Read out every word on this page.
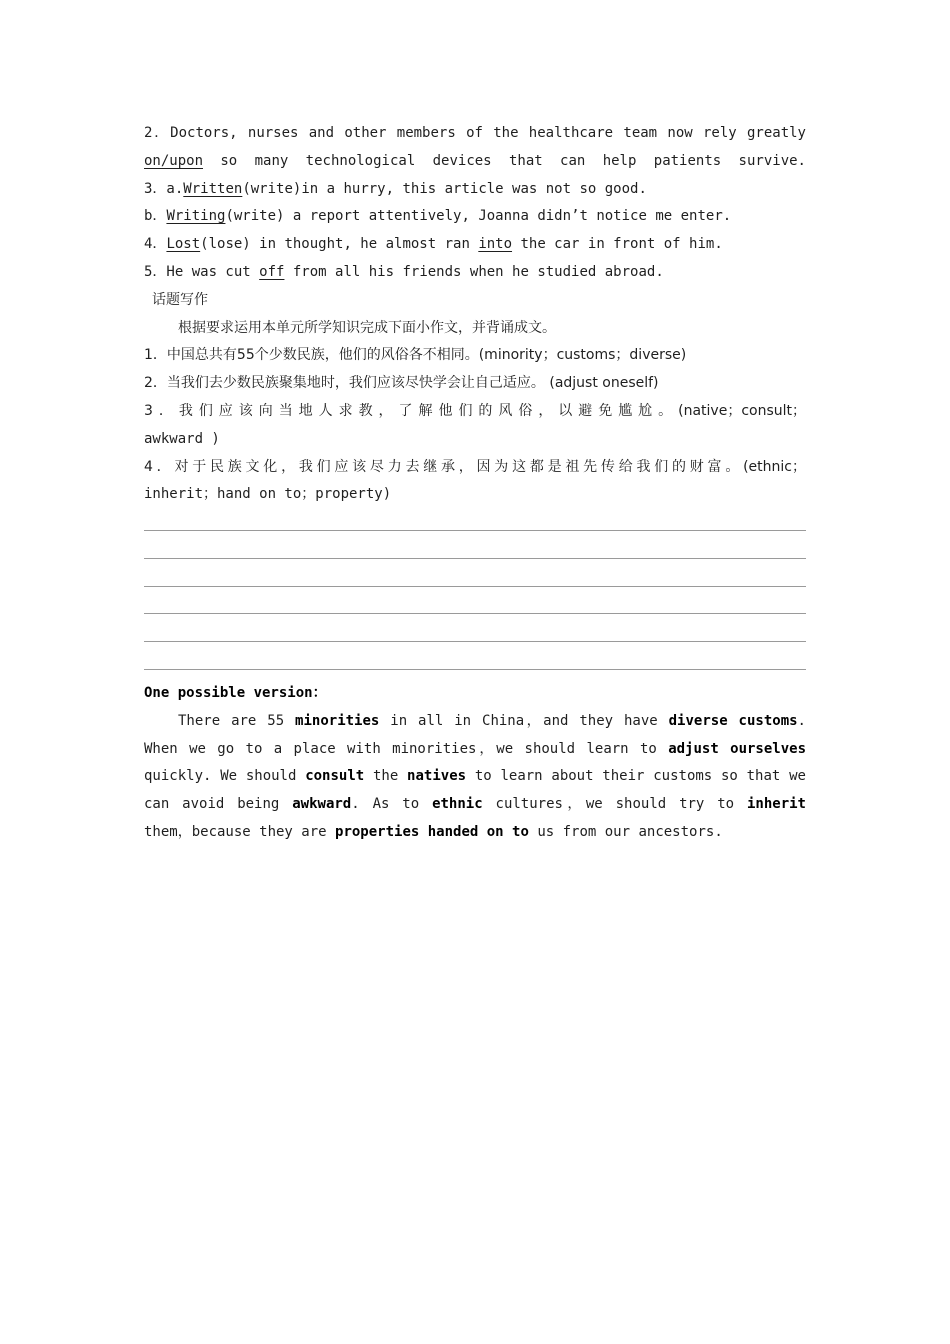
2．Doctors, nurses and other members of the healthcare team now rely greatly
on/upon so many technological devices that can help patients survive.
3．a.Written(write)in a hurry, this article was not so good.
b．Writing(write) a report attentively, Joanna didn’t notice me enter.
4．Lost(lose) in thought, he almost ran into the car in front of him.
5．He was cut off from all his friends when he studied abroad.
话题写作
根据要求运用本单元所学知识完成下面小作文，并背诵成文。
1．中国总共有55个少数民族，他们的风俗各不相同。(minority；customs；diverse)
2．当我们去少数民族聚集地时，我们应该尽快学会让自己适应。 (adjust oneself)
3．我们应该向当地人求教，了解他们的风俗，以避免尴尬。(native；consult；
awkward )
4．对于民族文化，我们应该尽力去继承，因为这都是祖先传给我们的财富。(ethnic；
inherit；hand on to；property)
One possible version：
There are 55 minorities in all in China，and they have diverse customs.
When we go to a place with minorities，we should learn to adjust ourselves
quickly. We should consult the natives to learn about their customs so that we
can avoid being awkward. As to ethnic cultures，we should try to inherit
them，because they are properties handed on to us from our ancestors.
